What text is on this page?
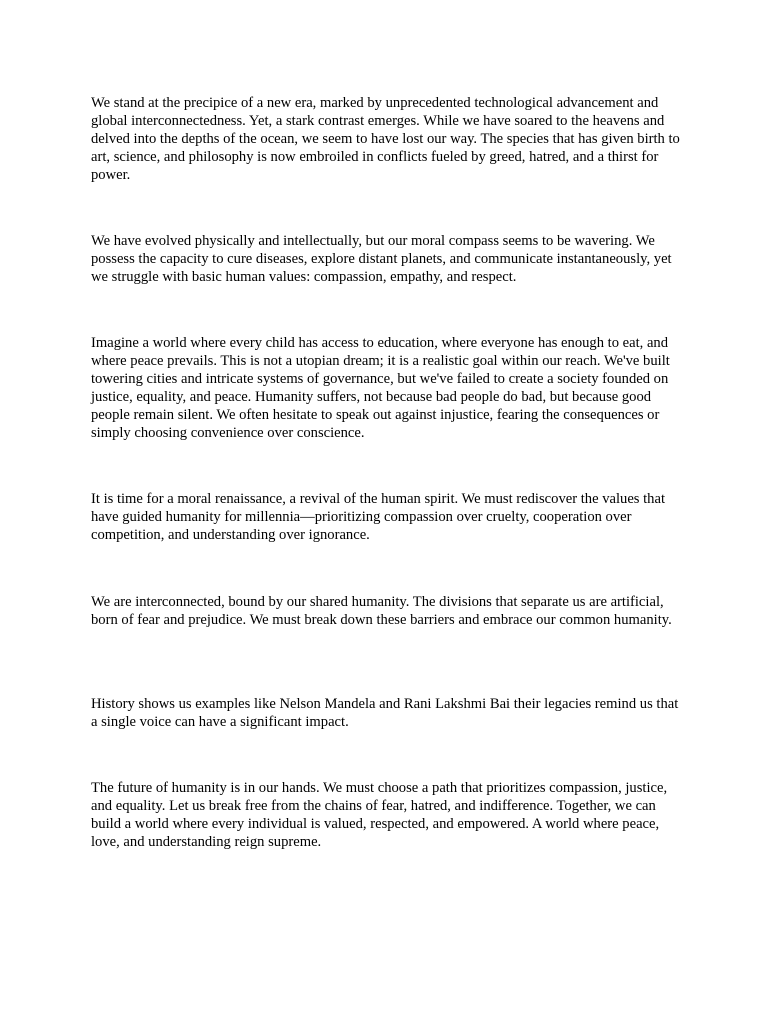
We stand at the precipice of a new era, marked by unprecedented technological advancement and global interconnectedness. Yet, a stark contrast emerges. While we have soared to the heavens and delved into the depths of the ocean, we seem to have lost our way. The species that has given birth to art, science, and philosophy is now embroiled in conflicts fueled by greed, hatred, and a thirst for power.

We have evolved physically and intellectually, but our moral compass seems to be wavering. We possess the capacity to cure diseases, explore distant planets, and communicate instantaneously, yet we struggle with basic human values: compassion, empathy, and respect.

Imagine a world where every child has access to education, where everyone has enough to eat, and where peace prevails. This is not a utopian dream; it is a realistic goal within our reach. We've built towering cities and intricate systems of governance, but we've failed to create a society founded on justice, equality, and peace. Humanity suffers, not because bad people do bad, but because good people remain silent. We often hesitate to speak out against injustice, fearing the consequences or simply choosing convenience over conscience.

It is time for a moral renaissance, a revival of the human spirit. We must rediscover the values that have guided humanity for millennia—prioritizing compassion over cruelty, cooperation over competition, and understanding over ignorance.

We are interconnected, bound by our shared humanity. The divisions that separate us are artificial, born of fear and prejudice. We must break down these barriers and embrace our common humanity.

History shows us examples like Nelson Mandela and Rani Lakshmi Bai their legacies remind us that a single voice can have a significant impact.

The future of humanity is in our hands. We must choose a path that prioritizes compassion, justice, and equality. Let us break free from the chains of fear, hatred, and indifference. Together, we can build a world where every individual is valued, respected, and empowered. A world where peace, love, and understanding reign supreme.
